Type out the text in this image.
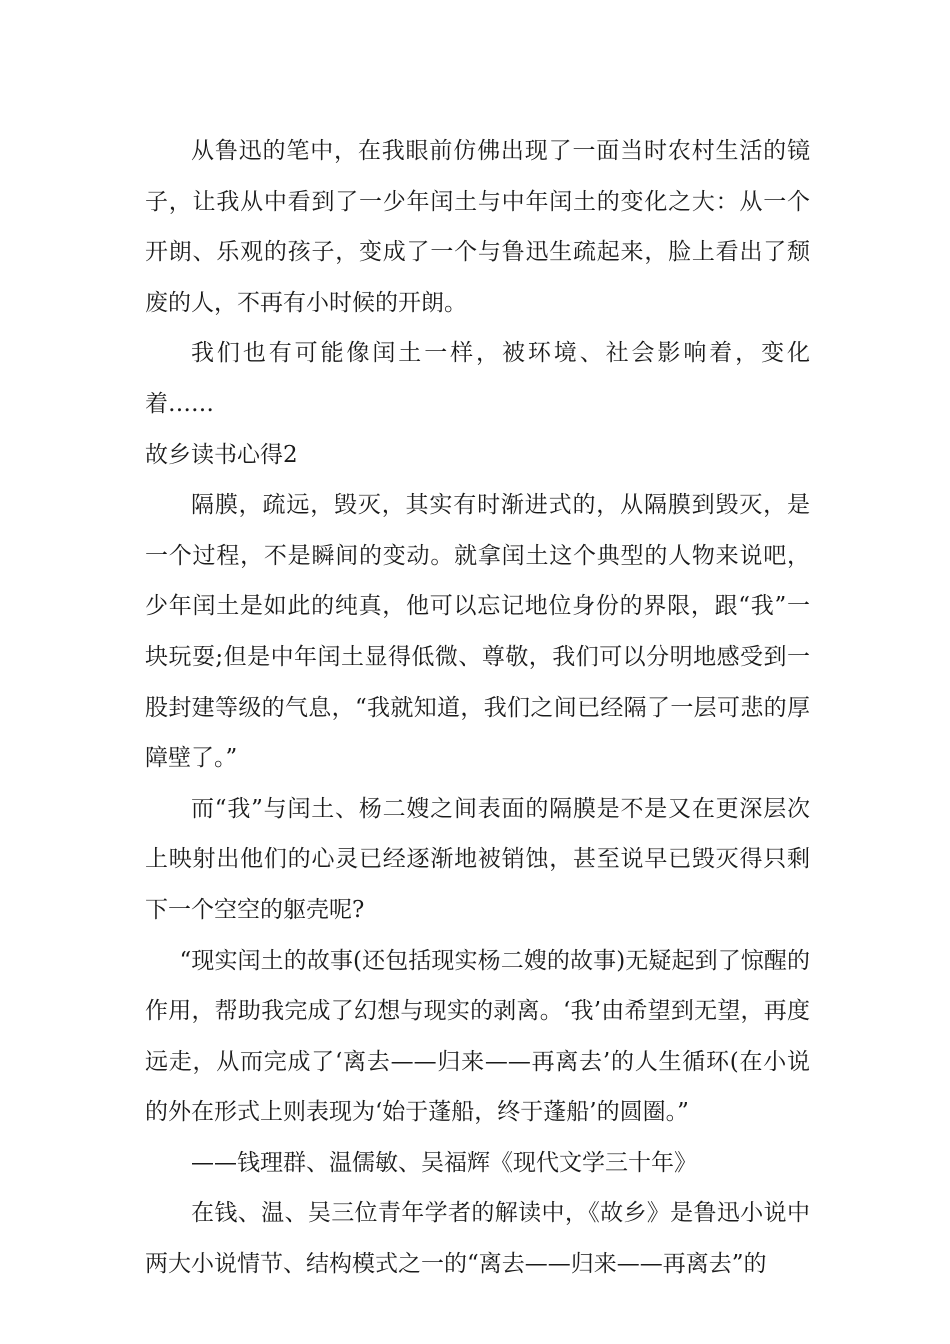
从鲁迅的笔中，在我眼前仿佛出现了一面当时农村生活的镜子，让我从中看到了一少年闰土与中年闰土的变化之大：从一个开朗、乐观的孩子，变成了一个与鲁迅生疏起来，脸上看出了颓废的人，不再有小时候的开朗。

我们也有可能像闰土一样，被环境、社会影响着，变化着……

故乡读书心得2

隔膜，疏远，毁灭，其实有时渐进式的，从隔膜到毁灭，是一个过程，不是瞬间的变动。就拿闰土这个典型的人物来说吧，少年闰土是如此的纯真，他可以忘记地位身份的界限，跟“我”一块玩耍;但是中年闰土显得低微、尊敬，我们可以分明地感受到一股封建等级的气息，“我就知道，我们之间已经隔了一层可悲的厚障壁了。”

而“我”与闰土、杨二嫂之间表面的隔膜是不是又在更深层次上映射出他们的心灵已经逐渐地被销蚀，甚至说早已毁灭得只剩下一个空空的躯壳呢?

“现实闰土的故事(还包括现实杨二嫂的故事)无疑起到了惊醒的作用，帮助我完成了幻想与现实的剥离。‘我’由希望到无望，再度远走，从而完成了‘离去——归来——再离去’的人生循环(在小说的外在形式上则表现为‘始于蓬船，终于蓬船’的圆圈。”

——钱理群、温儒敏、吴福辉《现代文学三十年》

在钱、温、吴三位青年学者的解读中，《故乡》是鲁迅小说中两大小说情节、结构模式之一的“离去——归来——再离去”的
